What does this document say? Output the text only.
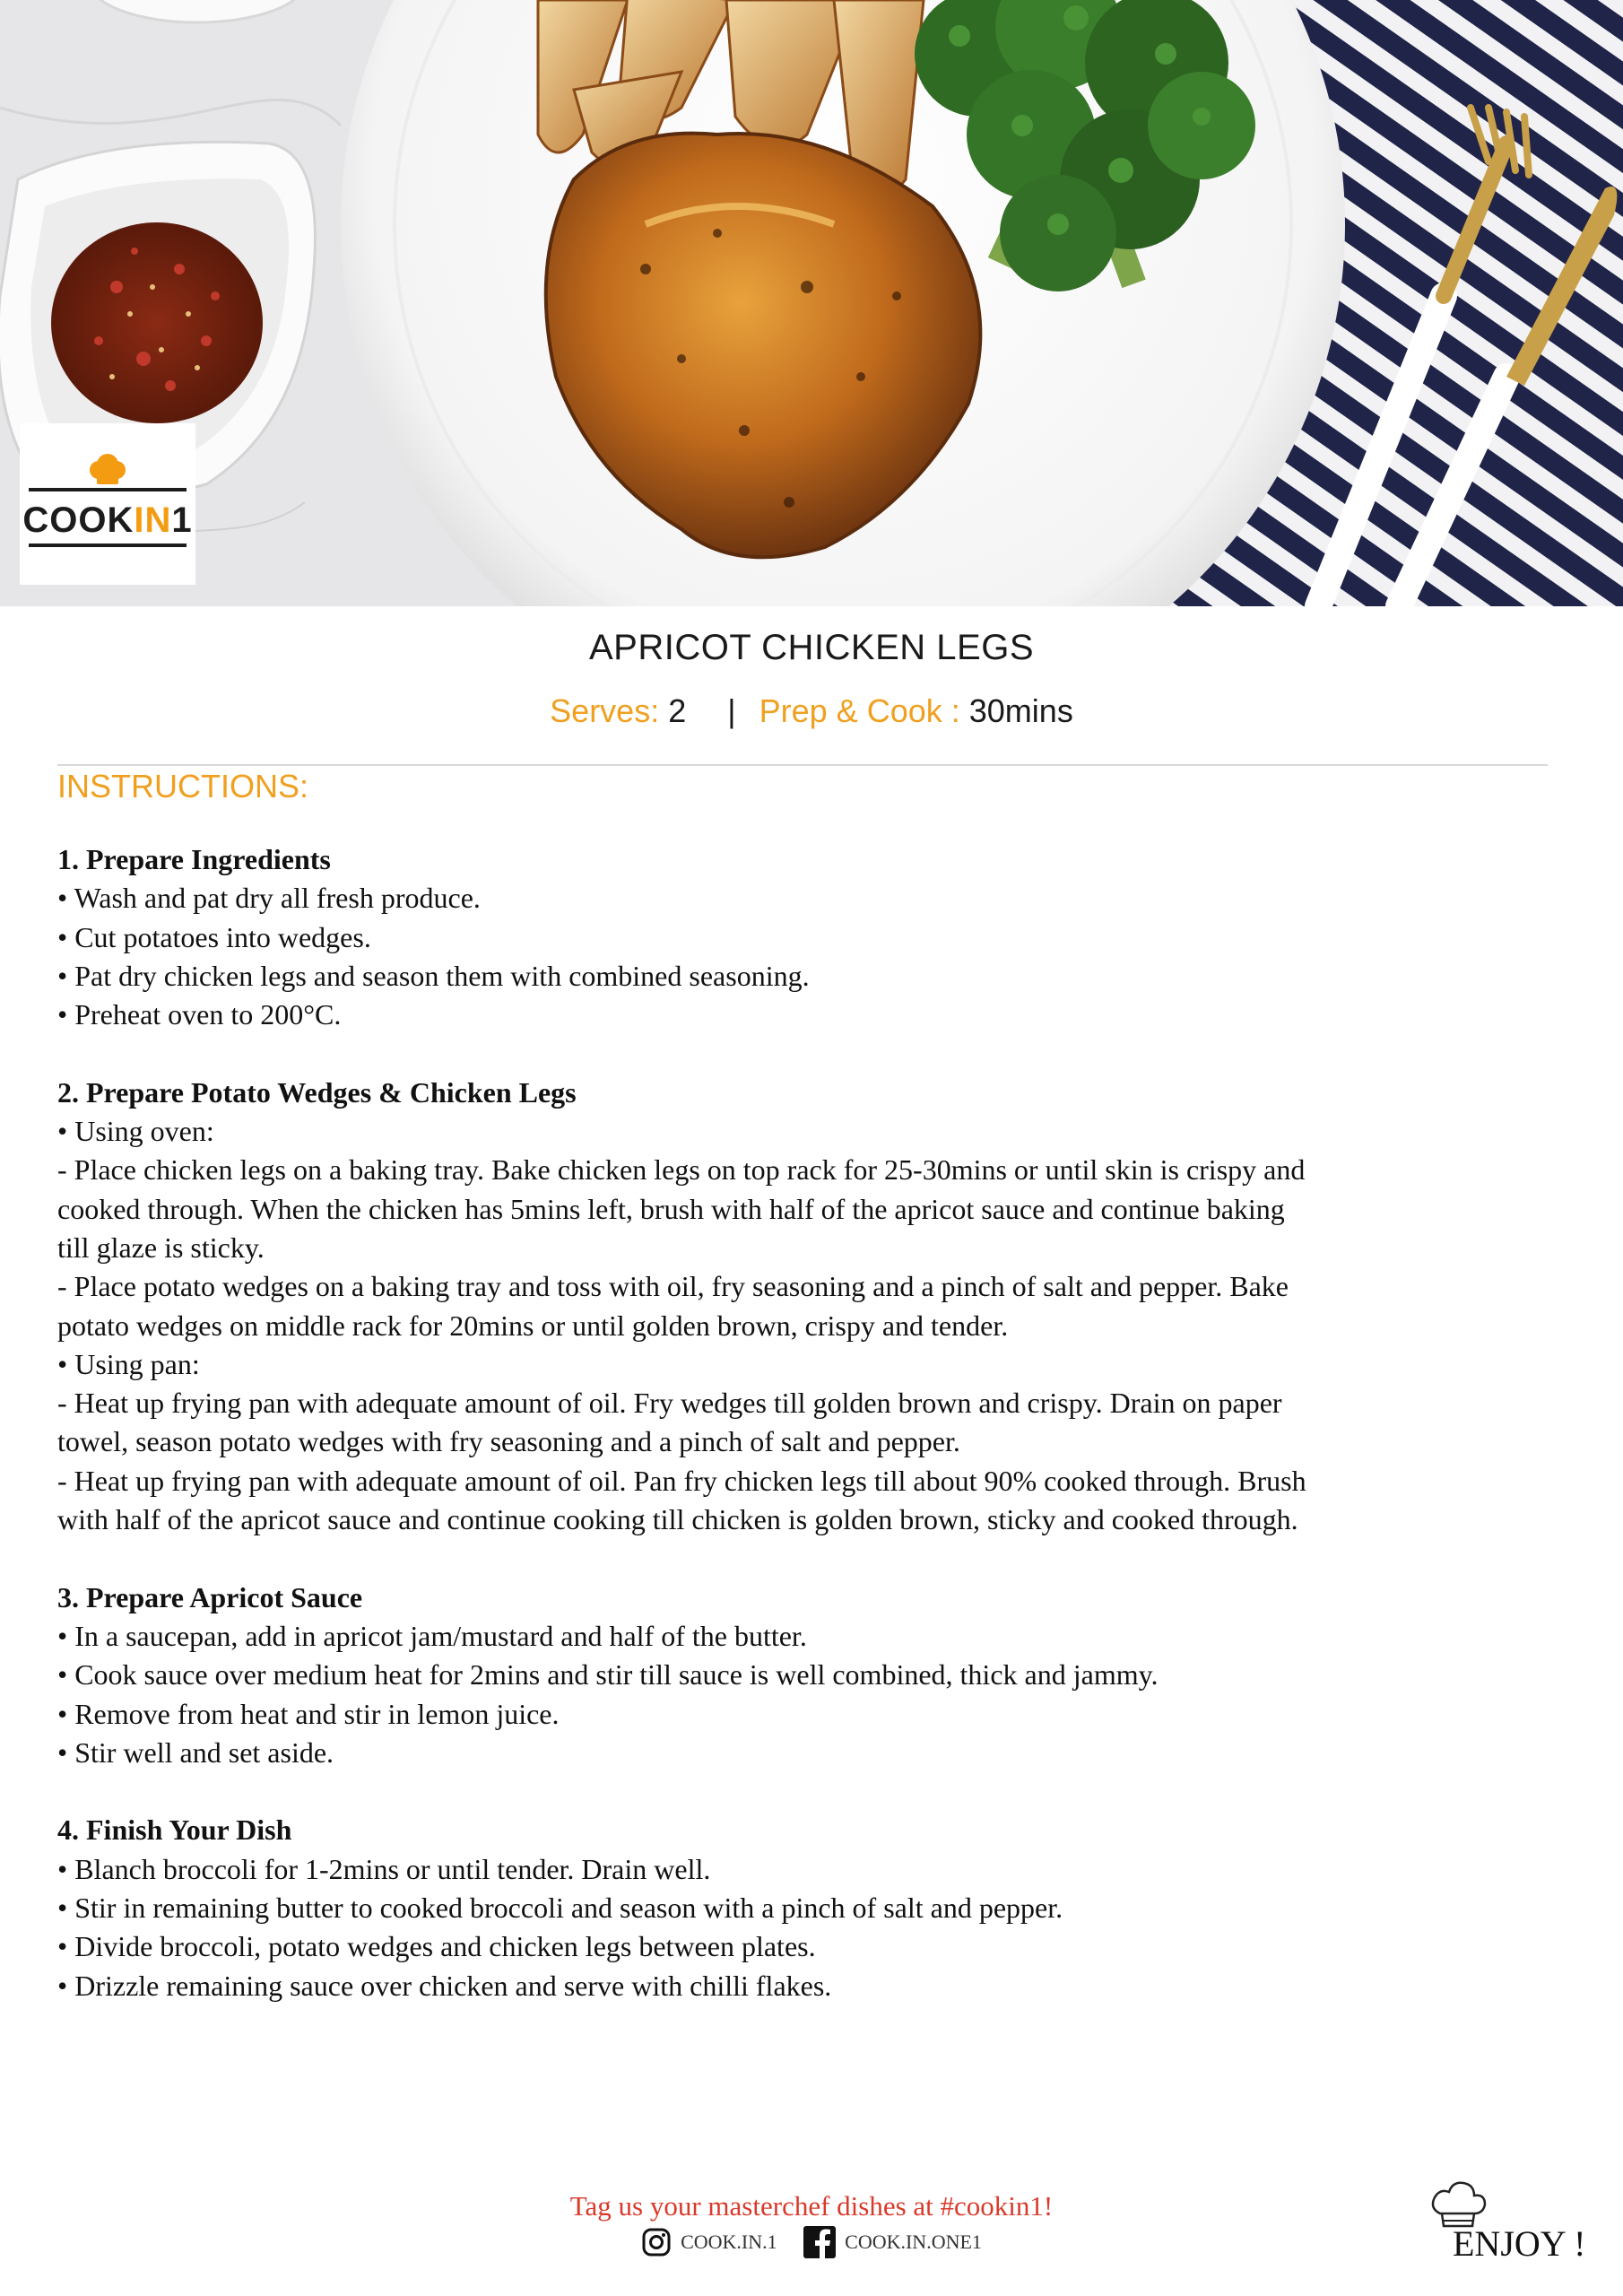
COOKIN1
APRICOT CHICKEN LEGS
Serves: 2 | Prep & Cook : 30mins
INSTRUCTIONS:
1. Prepare Ingredients
• Wash and pat dry all fresh produce.
• Cut potatoes into wedges.
• Pat dry chicken legs and season them with combined seasoning.
• Preheat oven to 200°C.
2. Prepare Potato Wedges & Chicken Legs
• Using oven:
- Place chicken legs on a baking tray. Bake chicken legs on top rack for 25-30mins or until skin is crispy and
cooked through. When the chicken has 5mins left, brush with half of the apricot sauce and continue baking
till glaze is sticky.
- Place potato wedges on a baking tray and toss with oil, fry seasoning and a pinch of salt and pepper. Bake
potato wedges on middle rack for 20mins or until golden brown, crispy and tender.
• Using pan:
- Heat up frying pan with adequate amount of oil. Fry wedges till golden brown and crispy. Drain on paper
towel, season potato wedges with fry seasoning and a pinch of salt and pepper.
- Heat up frying pan with adequate amount of oil. Pan fry chicken legs till about 90% cooked through. Brush
with half of the apricot sauce and continue cooking till chicken is golden brown, sticky and cooked through.
3. Prepare Apricot Sauce
• In a saucepan, add in apricot jam/mustard and half of the butter.
• Cook sauce over medium heat for 2mins and stir till sauce is well combined, thick and jammy.
• Remove from heat and stir in lemon juice.
• Stir well and set aside.
4. Finish Your Dish
• Blanch broccoli for 1-2mins or until tender. Drain well.
• Stir in remaining butter to cooked broccoli and season with a pinch of salt and pepper.
• Divide broccoli, potato wedges and chicken legs between plates.
• Drizzle remaining sauce over chicken and serve with chilli flakes.
Tag us your masterchef dishes at #cookin1!
COOK.IN.1
	COOK.IN.ONE1	ENJOY !
